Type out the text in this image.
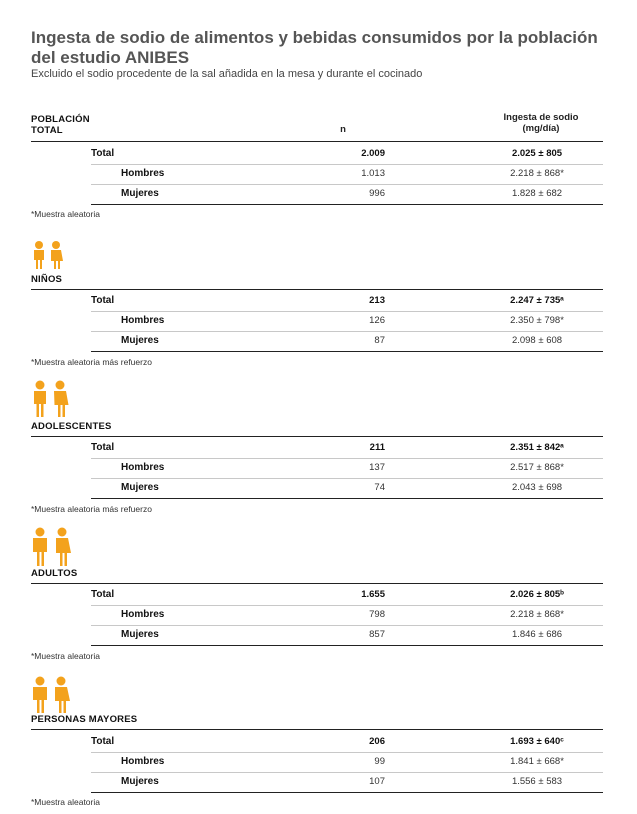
Ingesta de sodio de alimentos y bebidas consumidos por la población del estudio ANIBES
Excluido el sodio procedente de la sal añadida en la mesa y durante el cocinado
POBLACIÓN
TOTAL	n
Ingesta de sodio
(mg/día)
Total	2.009	2.025 ± 805
Hombres	1.013	2.218 ± 868*
Mujeres	996	1.828 ± 682
*Muestra aleatoria
NIÑOS
Total	213	2.247 ± 735ᵃ
Hombres	126	2.350 ± 798*
Mujeres	87	2.098 ± 608
*Muestra aleatoria más refuerzo
ADOLESCENTES
Total	211	2.351 ± 842ᵃ
Hombres	137	2.517 ± 868*
Mujeres	74	2.043 ± 698
*Muestra aleatoria más refuerzo
ADULTOS
Total	1.655	2.026 ± 805ᵇ
Hombres	798	2.218 ± 868*
Mujeres	857	1.846 ± 686
*Muestra aleatoria
PERSONAS MAYORES
Total	206	1.693 ± 640ᶜ
Hombres	99	1.841 ± 668*
Mujeres	107	1.556 ± 583
*Muestra aleatoria
